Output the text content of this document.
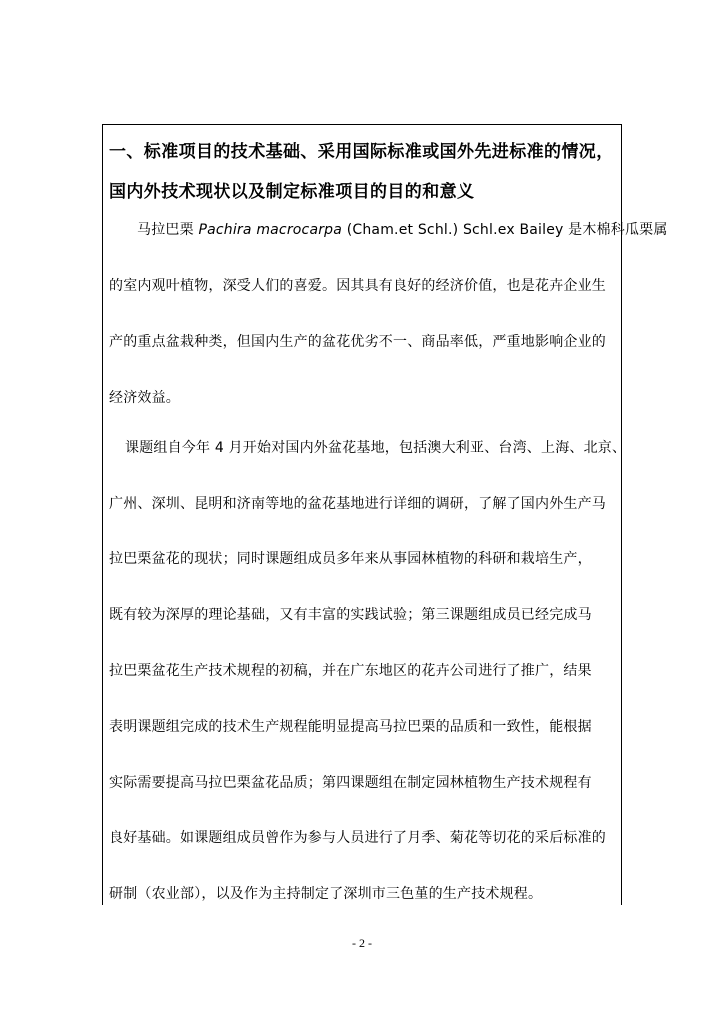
一、标准项目的技术基础、采用国际标准或国外先进标准的情况，
国内外技术现状以及制定标准项目的目的和意义
马拉巴栗 Pachira macrocarpa (Cham.et Schl.) Schl.ex Bailey 是木棉科瓜栗属
的室内观叶植物，深受人们的喜爱。因其具有良好的经济价值，也是花卉企业生
产的重点盆栽种类，但国内生产的盆花优劣不一、商品率低，严重地影响企业的
经济效益。
课题组自今年 4 月开始对国内外盆花基地，包括澳大利亚、台湾、上海、北京、
广州、深圳、昆明和济南等地的盆花基地进行详细的调研，了解了国内外生产马
拉巴栗盆花的现状；同时课题组成员多年来从事园林植物的科研和栽培生产，
既有较为深厚的理论基础，又有丰富的实践试验；第三课题组成员已经完成马
拉巴栗盆花生产技术规程的初稿，并在广东地区的花卉公司进行了推广，结果
表明课题组完成的技术生产规程能明显提高马拉巴栗的品质和一致性，能根据
实际需要提高马拉巴栗盆花品质；第四课题组在制定园林植物生产技术规程有
良好基础。如课题组成员曾作为参与人员进行了月季、菊花等切花的采后标准的
研制（农业部），以及作为主持制定了深圳市三色堇的生产技术规程。
- 2 -
